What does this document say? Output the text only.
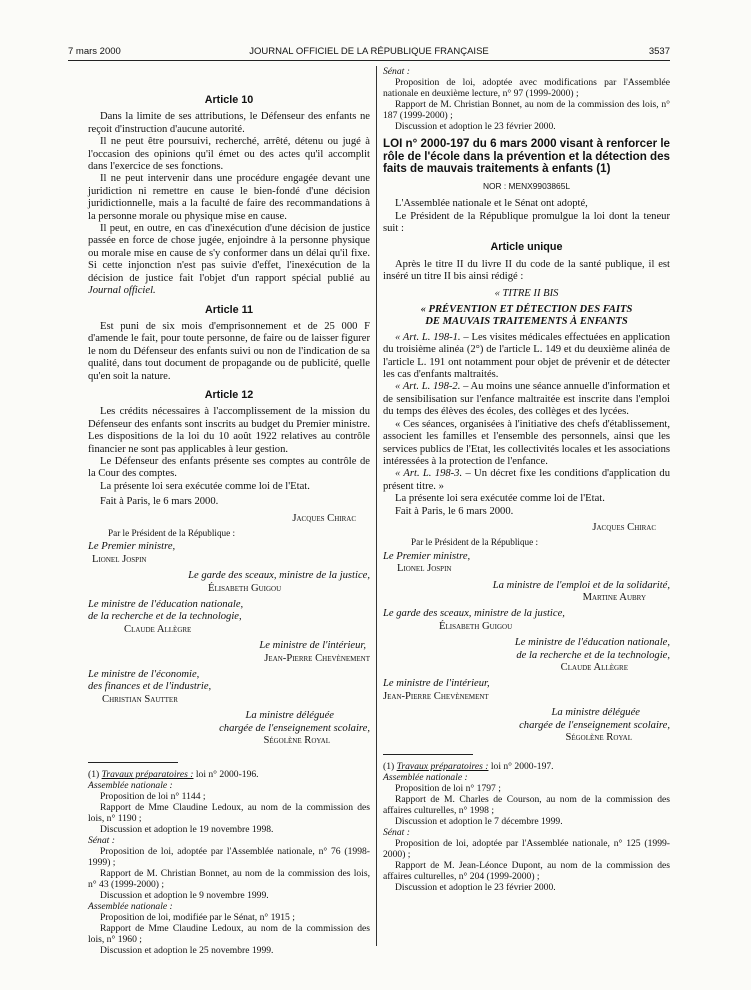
7 mars 2000	JOURNAL OFFICIEL DE LA RÉPUBLIQUE FRANÇAISE	3537
Article 10

Dans la limite de ses attributions, le Défenseur des enfants ne reçoit d'instruction d'aucune autorité.

Il ne peut être poursuivi, recherché, arrêté, détenu ou jugé à l'occasion des opinions qu'il émet ou des actes qu'il accomplit dans l'exercice de ses fonctions.

Il ne peut intervenir dans une procédure engagée devant une juridiction ni remettre en cause le bien-fondé d'une décision juridictionnelle, mais a la faculté de faire des recommandations à la personne morale ou physique mise en cause.

Il peut, en outre, en cas d'inexécution d'une décision de justice passée en force de chose jugée, enjoindre à la personne physique ou morale mise en cause de s'y conformer dans un délai qu'il fixe. Si cette injonction n'est pas suivie d'effet, l'inexécution de la décision de justice fait l'objet d'un rapport spécial publié au Journal officiel.

Article 11

Est puni de six mois d'emprisonnement et de 25 000 F d'amende le fait, pour toute personne, de faire ou de laisser figurer le nom du Défenseur des enfants suivi ou non de l'indication de sa qualité, dans tout document de propagande ou de publicité, quelle qu'en soit la nature.

Article 12

Les crédits nécessaires à l'accomplissement de la mission du Défenseur des enfants sont inscrits au budget du Premier ministre. Les dispositions de la loi du 10 août 1922 relatives au contrôle financier ne sont pas applicables à leur gestion.

Le Défenseur des enfants présente ses comptes au contrôle de la Cour des comptes.

La présente loi sera exécutée comme loi de l'Etat.

Fait à Paris, le 6 mars 2000.

Jacques Chirac

Par le Président de la République :

Le Premier ministre,

Lionel Jospin

Le garde des sceaux, ministre de la justice,

Élisabeth Guigou

Le ministre de l'éducation nationale,

de la recherche et de la technologie,

Claude Allègre

Le ministre de l'intérieur,

Jean-Pierre Chevènement

Le ministre de l'économie,

des finances et de l'industrie,

Christian Sautter

La ministre déléguée

chargée de l'enseignement scolaire,

Ségolène Royal

(1) Travaux préparatoires : loi n° 2000-196.

Assemblée nationale :

Proposition de loi n° 1144 ;

Rapport de Mme Claudine Ledoux, au nom de la commission des lois, n° 1190 ;

Discussion et adoption le 19 novembre 1998.

Sénat :

Proposition de loi, adoptée par l'Assemblée nationale, n° 76 (1998-1999) ;

Rapport de M. Christian Bonnet, au nom de la commission des lois, n° 43 (1999-2000) ;

Discussion et adoption le 9 novembre 1999.

Assemblée nationale :

Proposition de loi, modifiée par le Sénat, n° 1915 ;

Rapport de Mme Claudine Ledoux, au nom de la commission des lois, n° 1960 ;

Discussion et adoption le 25 novembre 1999.

Sénat :

Proposition de loi, adoptée avec modifications par l'Assemblée nationale en deuxième lecture, n° 97 (1999-2000) ;

Rapport de M. Christian Bonnet, au nom de la commission des lois, n° 187 (1999-2000) ;

Discussion et adoption le 23 février 2000.

LOI n° 2000-197 du 6 mars 2000 visant à renforcer le rôle de l'école dans la prévention et la détection des faits de mauvais traitements à enfants (1)

NOR : MENX9903865L

L'Assemblée nationale et le Sénat ont adopté,

Le Président de la République promulgue la loi dont la teneur suit :

Article unique

Après le titre II du livre II du code de la santé publique, il est inséré un titre II bis ainsi rédigé :

« TITRE II BIS

« PRÉVENTION ET DÉTECTION DES FAITS

DE MAUVAIS TRAITEMENTS À ENFANTS

« Art. L. 198-1. – Les visites médicales effectuées en application du troisième alinéa (2°) de l'article L. 149 et du deuxième alinéa de l'article L. 191 ont notamment pour objet de prévenir et de détecter les cas d'enfants maltraités.

« Art. L. 198-2. – Au moins une séance annuelle d'information et de sensibilisation sur l'enfance maltraitée est inscrite dans l'emploi du temps des élèves des écoles, des collèges et des lycées.

« Ces séances, organisées à l'initiative des chefs d'établissement, associent les familles et l'ensemble des personnels, ainsi que les services publics de l'Etat, les collectivités locales et les associations intéressées à la protection de l'enfance.

« Art. L. 198-3. – Un décret fixe les conditions d'application du présent titre. »

La présente loi sera exécutée comme loi de l'Etat.

Fait à Paris, le 6 mars 2000.

Jacques Chirac

Par le Président de la République :

Le Premier ministre,

Lionel Jospin

La ministre de l'emploi et de la solidarité,

Martine Aubry

Le garde des sceaux, ministre de la justice,

Élisabeth Guigou

Le ministre de l'éducation nationale,

de la recherche et de la technologie,

Claude Allègre

Le ministre de l'intérieur,

Jean-Pierre Chevènement

La ministre déléguée

chargée de l'enseignement scolaire,

Ségolène Royal

(1) Travaux préparatoires : loi n° 2000-197.

Assemblée nationale :

Proposition de loi n° 1797 ;

Rapport de M. Charles de Courson, au nom de la commission des affaires culturelles, n° 1998 ;

Discussion et adoption le 7 décembre 1999.

Sénat :

Proposition de loi, adoptée par l'Assemblée nationale, n° 125 (1999-2000) ;

Rapport de M. Jean-Léonce Dupont, au nom de la commission des affaires culturelles, n° 204 (1999-2000) ;

Discussion et adoption le 23 février 2000.
